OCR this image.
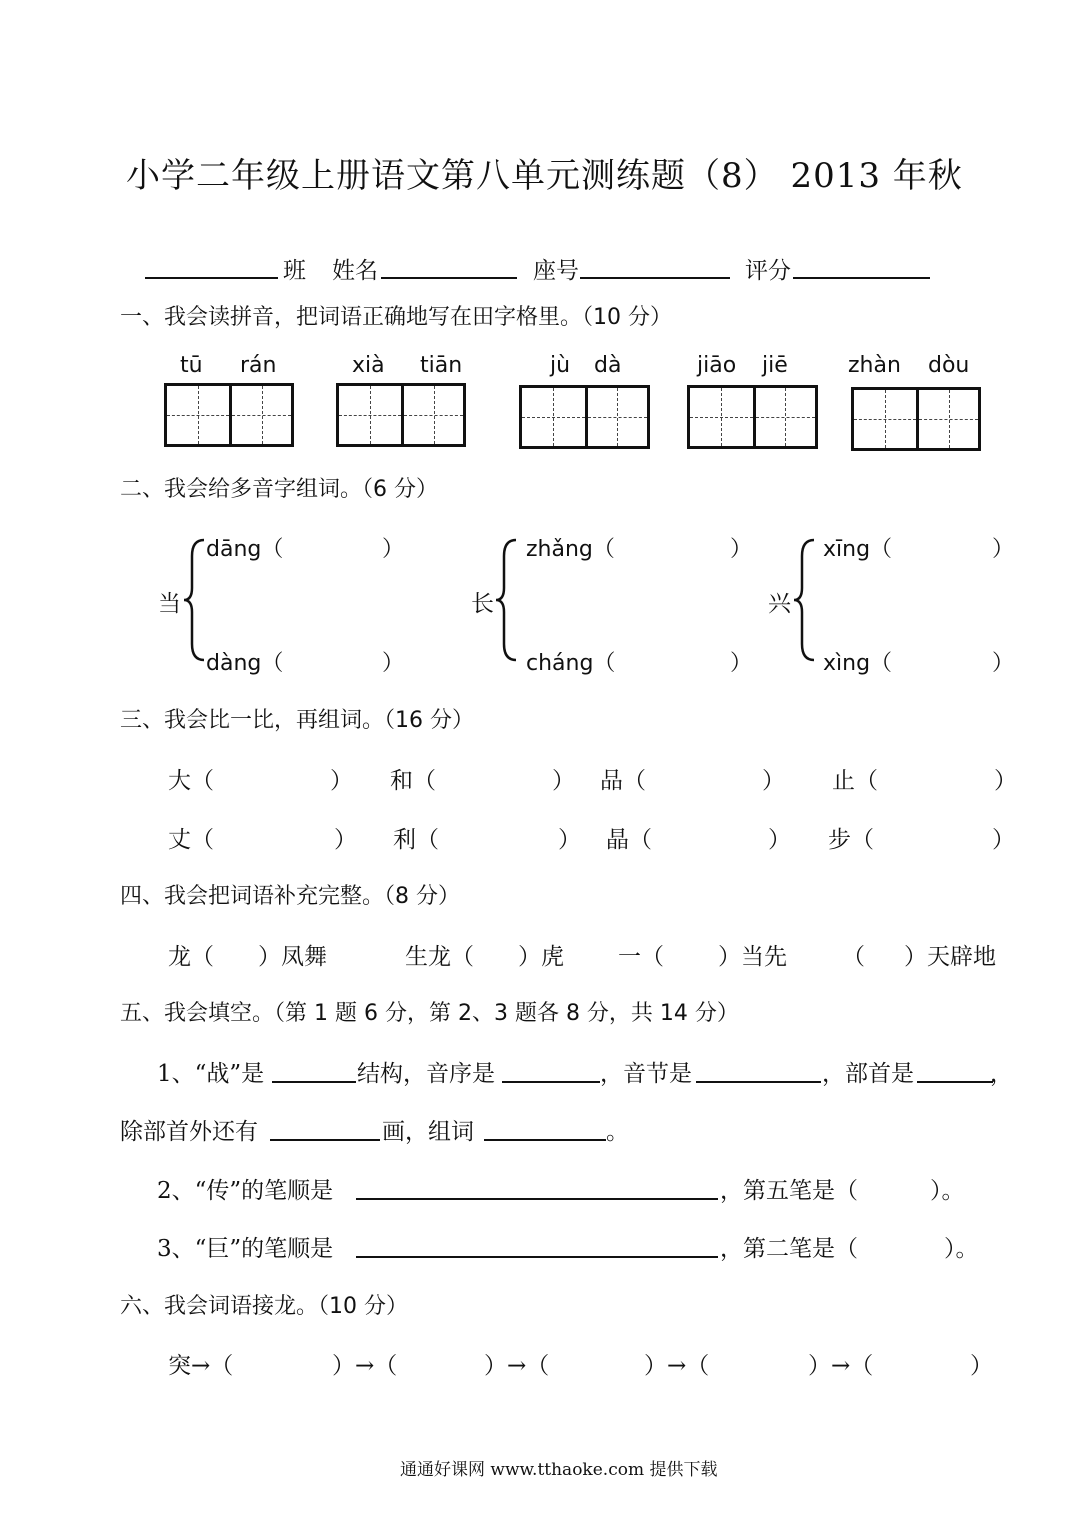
小学二年级上册语文第八单元测练题（8） 2013 年秋
班 姓名	座号	评分
一、我会读拼音，把词语正确地写在田字格里。（10 分）
tū rán	xià tiān	jù dà	jiāo jiē	zhàn dòu
二、我会给多音字组词。（6 分）
当
dāng（	）
dàng（	）
长
zhǎng（	）
cháng（	）
兴
xīng（	）
xìng（	）
三、我会比一比，再组词。（16 分）
大（	） 和（	） 品（	） 止（	）
丈（	） 利（	） 晶（	） 步（	）
四、我会把词语补充完整。（8 分）
龙（ ）凤舞	生龙（ ）虎 一（ ）当先 （ ）天辟地
五、我会填空。（第 1 题 6 分，第 2、3 题各 8 分，共 14 分）
1、“战”是	结构，音序是	，音节是	，部首是	，
除部首外还有	画，组词	。
2、“传”的笔顺是	，第五笔是（	）。
3、“巨”的笔顺是	，第二笔是（	）。
六、我会词语接龙。（10 分）
突→（	）→（	）→（	）→（	）→（	）
通通好课网 www.tthaoke.com 提供下载
